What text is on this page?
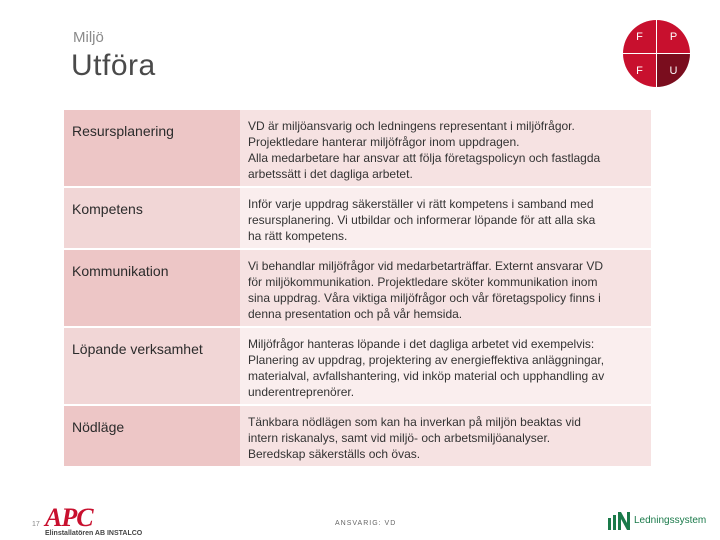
Miljö
Utföra
F	P
F	U
Resursplanering	VD är miljöansvarig och ledningens representant i miljöfrågor.
Projektledare hanterar miljöfrågor inom uppdragen.
Alla medarbetare har ansvar att följa företagspolicyn och fastlagda
arbetssätt i det dagliga arbetet.

Kompetens	Inför varje uppdrag säkerställer vi rätt kompetens i samband med
resursplanering. Vi utbildar och informerar löpande för att alla ska
ha rätt kompetens.

Kommunikation	Vi behandlar miljöfrågor vid medarbetarträffar. Externt ansvarar VD
för miljökommunikation. Projektledare sköter kommunikation inom
sina uppdrag. Våra viktiga miljöfrågor och vår företagspolicy finns i
denna presentation och på vår hemsida.

Löpande verksamhet	Miljöfrågor hanteras löpande i det dagliga arbetet vid exempelvis:
Planering av uppdrag, projektering av energieffektiva anläggningar,
materialval, avfallshantering, vid inköp material och upphandling av
underentreprenörer.

Nödläge	Tänkbara nödlägen som kan ha inverkan på miljön beaktas vid
intern riskanalys, samt vid miljö- och arbetsmiljöanalyser.
Beredskap säkerställs och övas.
17 APC
Elinstallatören AB INSTALCO
ANSVARIG: VD	Ledningssystem
